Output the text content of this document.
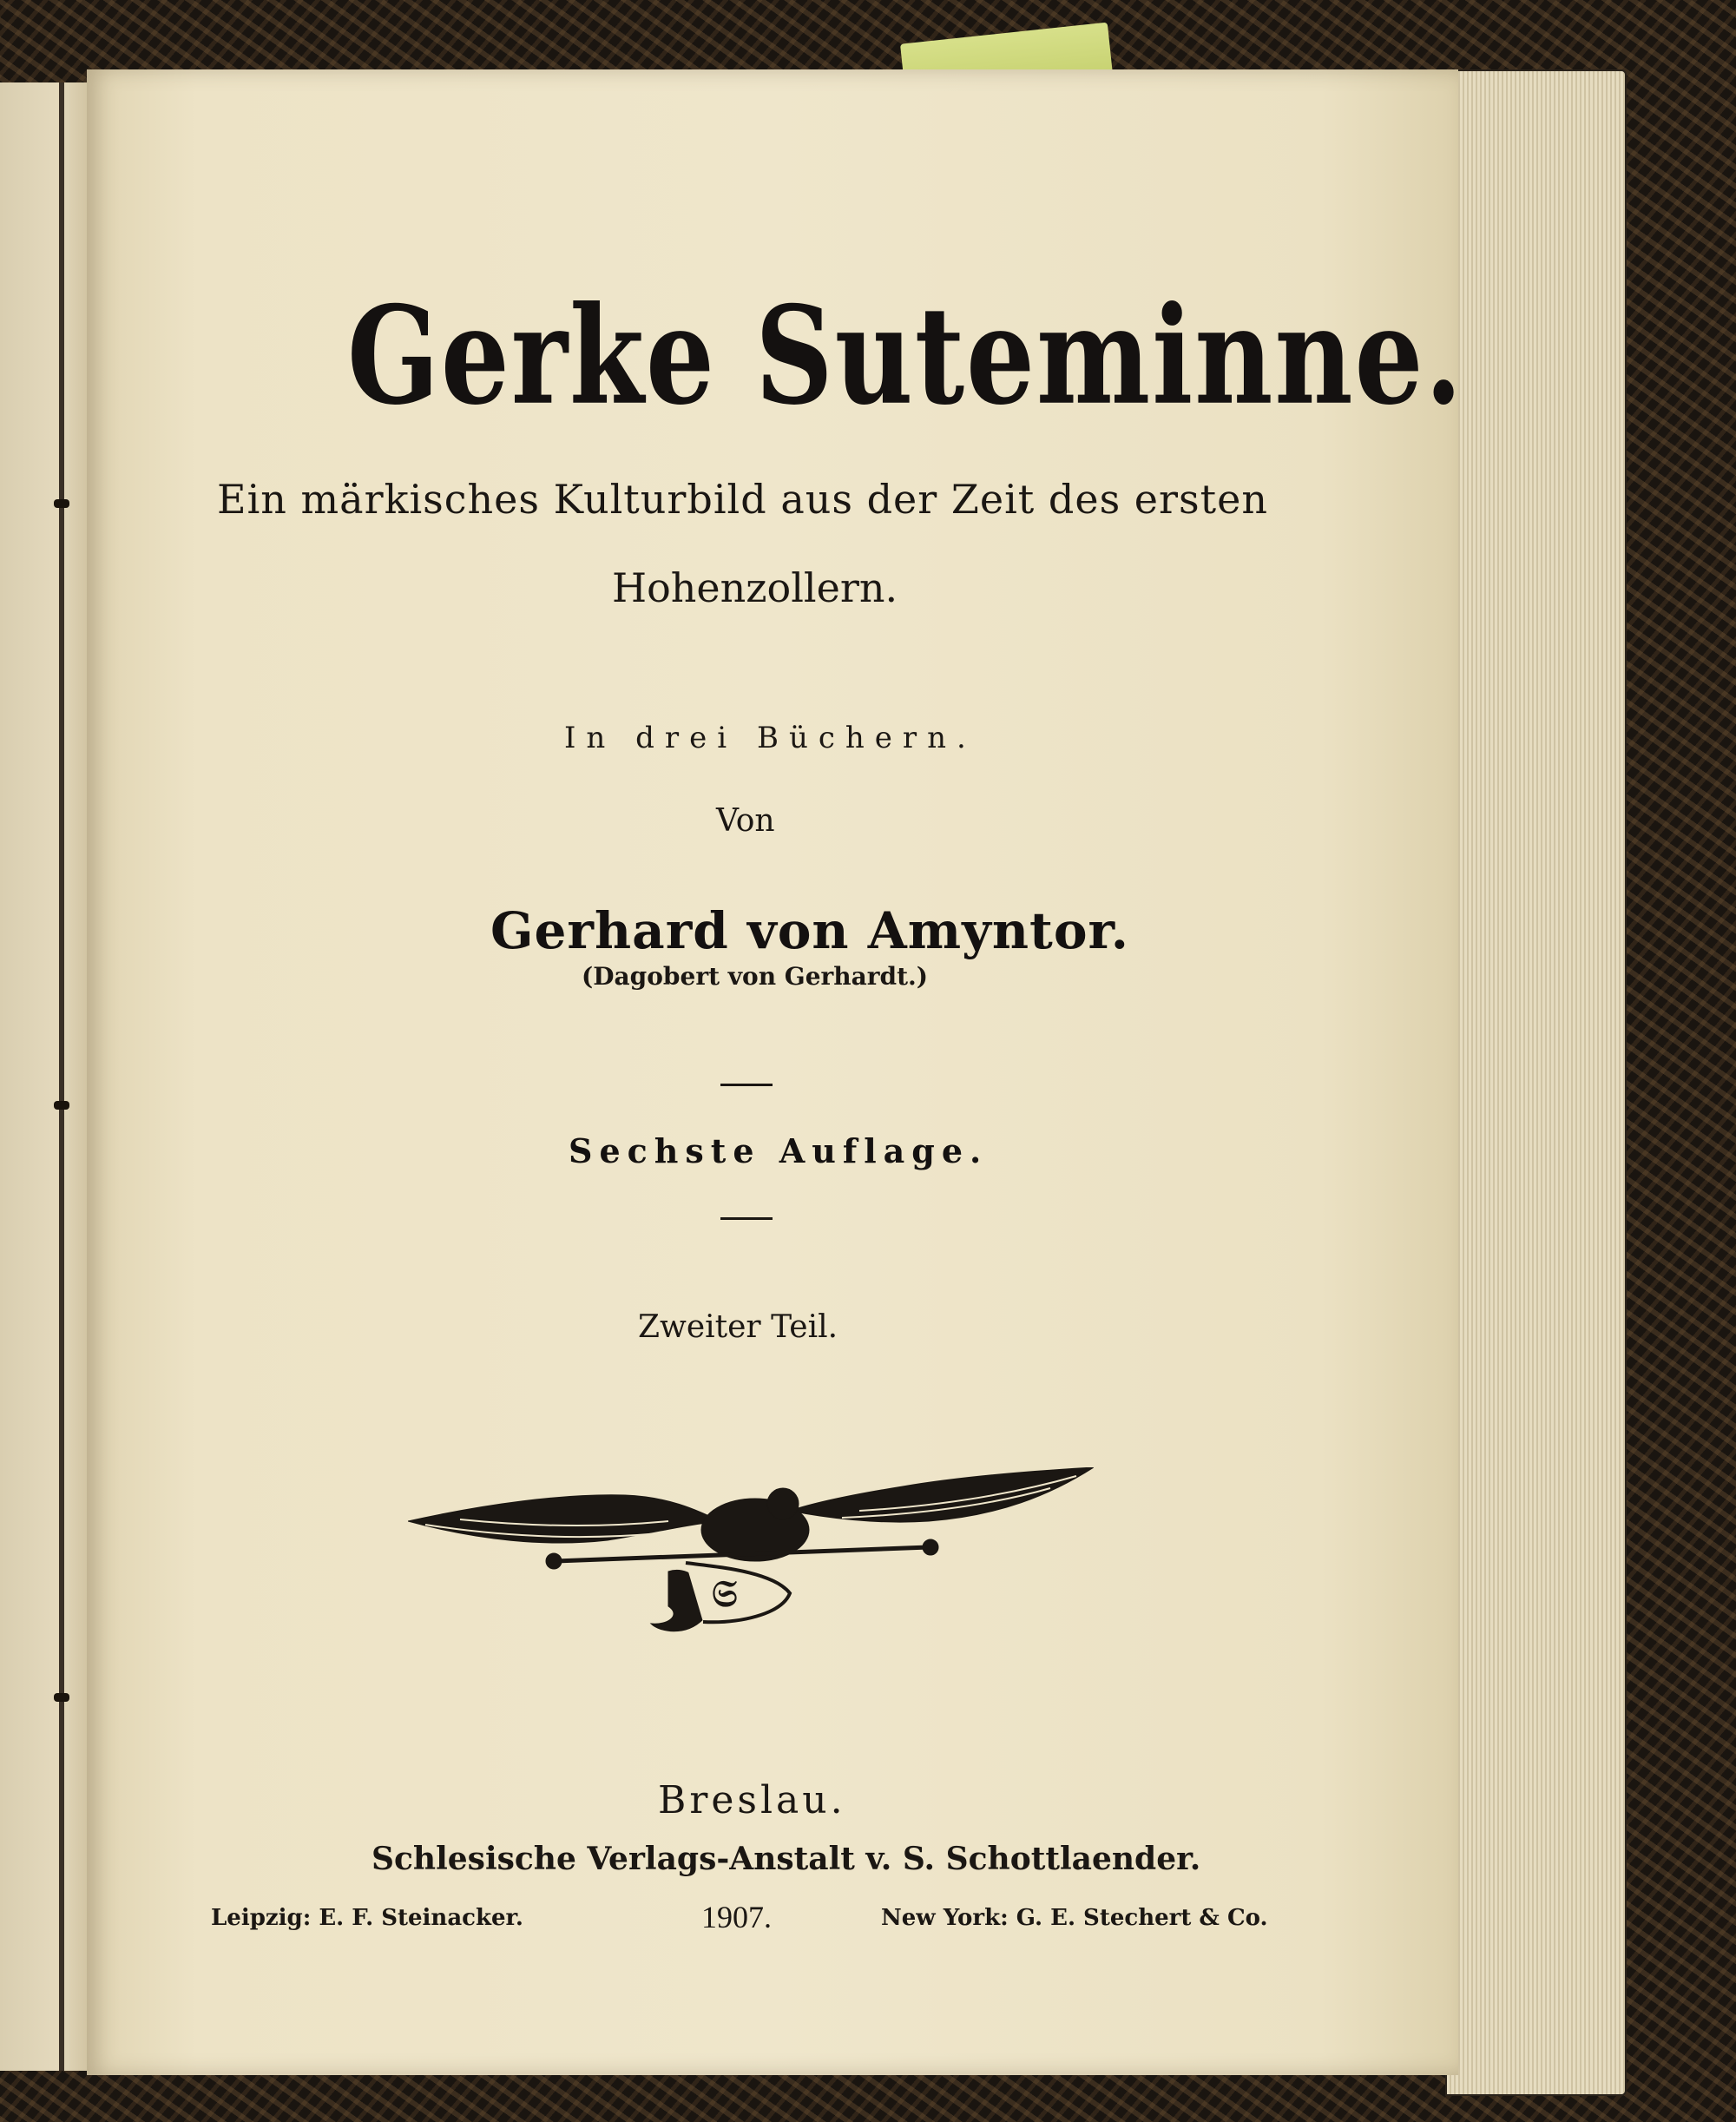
Gerke Suteminne.
Ein märkisches Kulturbild aus der Zeit des ersten
Hohenzollern.
In drei Büchern.
Von
Gerhard von Amyntor.
(Dagobert von Gerhardt.)
Sechste Auflage.
Zweiter Teil.
𝔖
Breslau.
Schlesische Verlags-Anstalt v. S. Schottlaender.
Leipzig: E. F. Steinacker.	1907.	New York: G. E. Stechert & Co.
